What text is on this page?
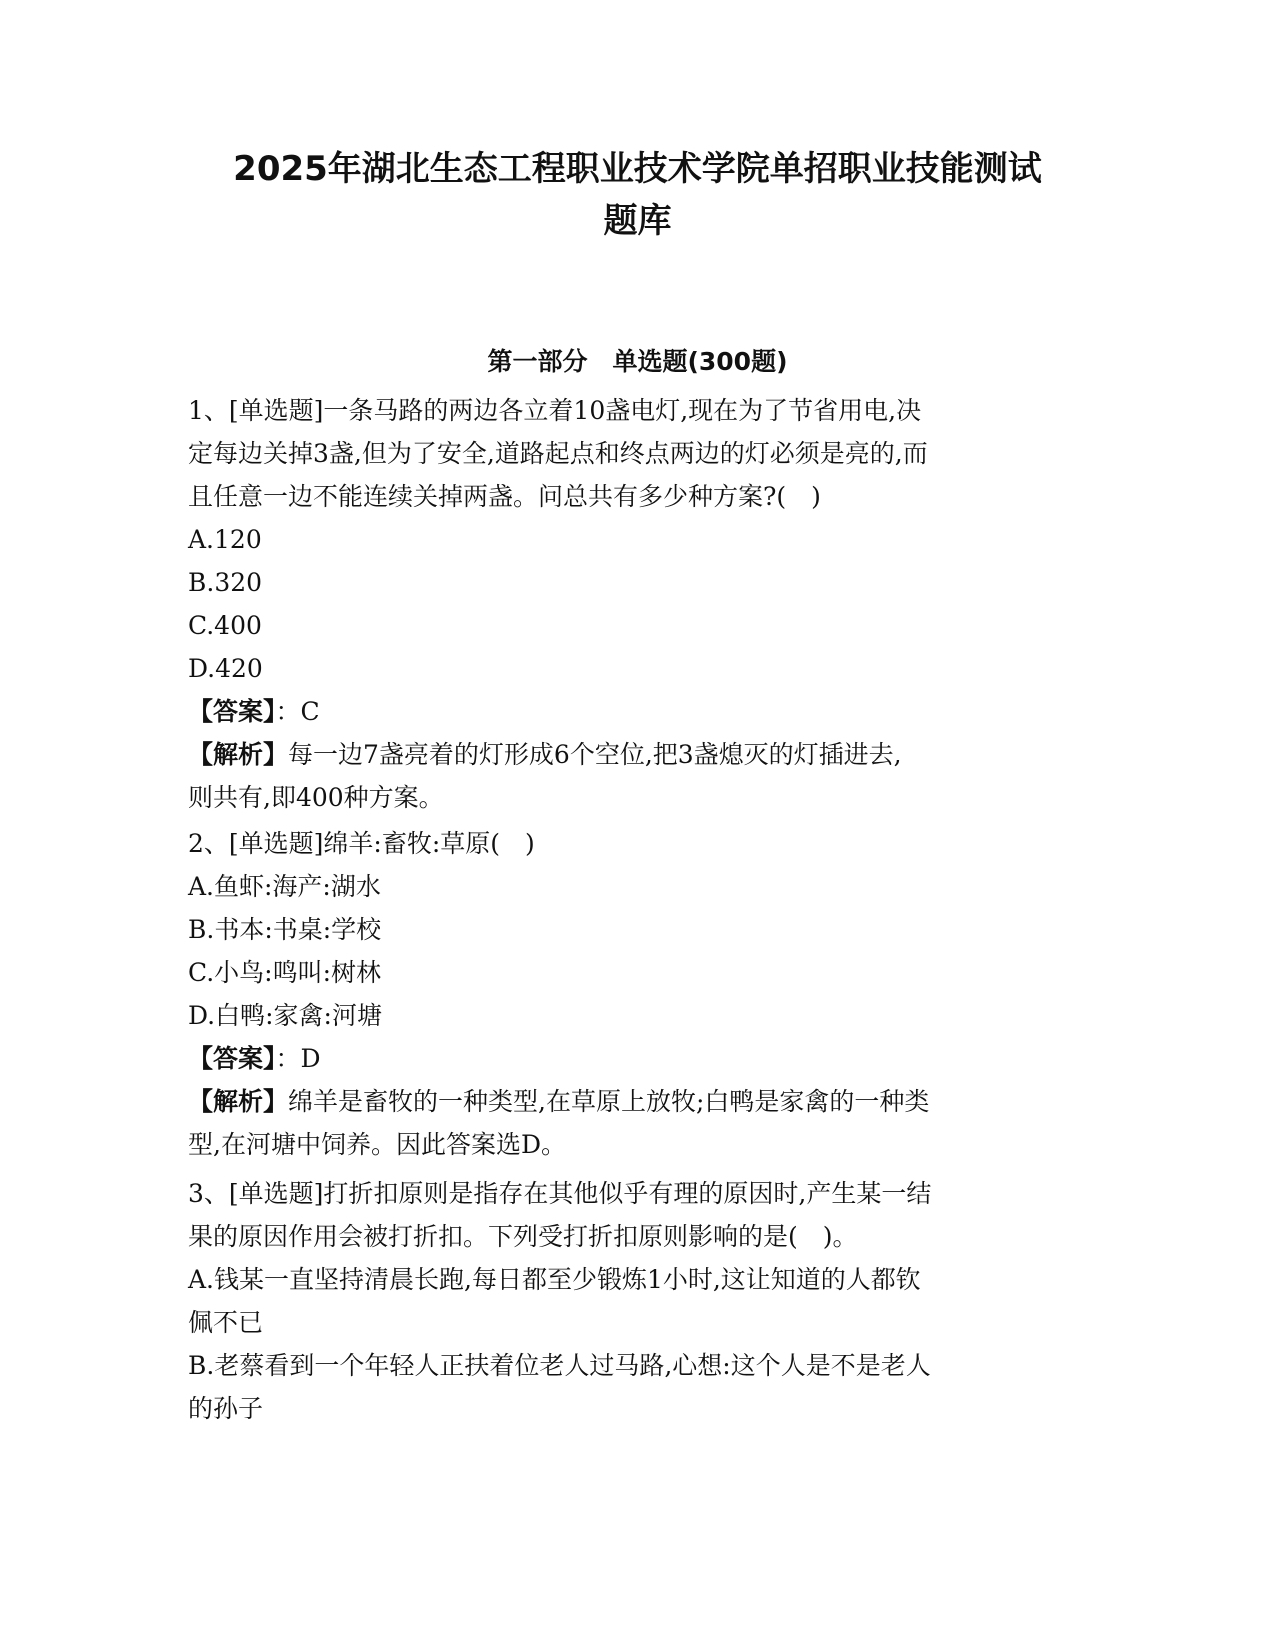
2025年湖北生态工程职业技术学院单招职业技能测试
题库
第一部分　单选题(300题)

1、[单选题]一条马路的两边各立着10盏电灯,现在为了节省用电,决

定每边关掉3盏,但为了安全,道路起点和终点两边的灯必须是亮的,而

且任意一边不能连续关掉两盏。问总共有多少种方案?(　)

A.120

B.320

C.400

D.420

【答案】：C

【解析】每一边7盏亮着的灯形成6个空位,把3盏熄灭的灯插进去,

则共有,即400种方案。

2、[单选题]绵羊:畜牧:草原(　)

A.鱼虾:海产:湖水

B.书本:书桌:学校

C.小鸟:鸣叫:树林

D.白鸭:家禽:河塘

【答案】：D

【解析】绵羊是畜牧的一种类型,在草原上放牧;白鸭是家禽的一种类

型,在河塘中饲养。因此答案选D。

3、[单选题]打折扣原则是指存在其他似乎有理的原因时,产生某一结

果的原因作用会被打折扣。下列受打折扣原则影响的是(　)。

A.钱某一直坚持清晨长跑,每日都至少锻炼1小时,这让知道的人都钦

佩不已

B.老蔡看到一个年轻人正扶着位老人过马路,心想:这个人是不是老人

的孙子
